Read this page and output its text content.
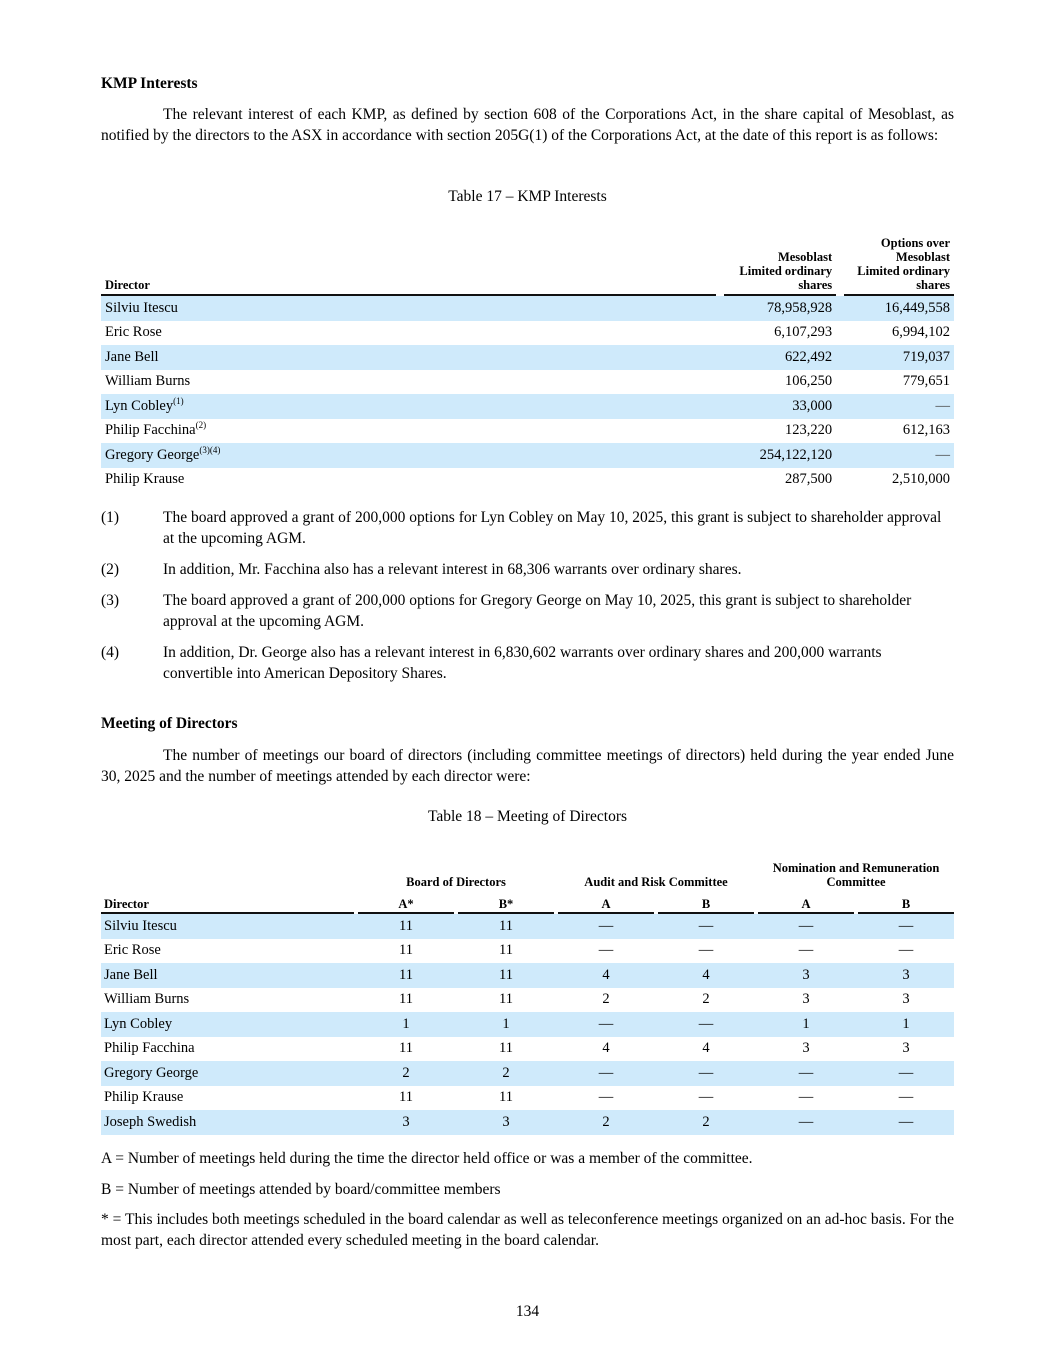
KMP Interests
The relevant interest of each KMP, as defined by section 608 of the Corporations Act, in the share capital of Mesoblast, as notified by the directors to the ASX in accordance with section 205G(1) of the Corporations Act, at the date of this report is as follows:
Table 17 – KMP Interests
Director		
Mesoblast
Limited ordinary
shares

Options over
Mesoblast
Limited ordinary
shares

Silviu Itescu		78,958,928		16,449,558
Eric Rose		6,107,293		6,994,102
Jane Bell		622,492		719,037
William Burns		106,250		779,651
Lyn Cobley$^{(1)}$		33,000		—
Philip Facchina$^{(2)}$		123,220		612,163
Gregory George$^{(3)(4)}$		254,122,120		—
Philip Krause		287,500		2,510,000
(1)	The board approved a grant of 200,000 options for Lyn Cobley on May 10, 2025, this grant is subject to shareholder approval at the upcoming AGM.
(2)	In addition, Mr. Facchina also has a relevant interest in 68,306 warrants over ordinary shares.
(3)	The board approved a grant of 200,000 options for Gregory George on May 10, 2025, this grant is subject to shareholder approval at the upcoming AGM.
(4)	In addition, Dr. George also has a relevant interest in 6,830,602 warrants over ordinary shares and 200,000 warrants convertible into American Depository Shares.
Meeting of Directors
The number of meetings our board of directors (including committee meetings of directors) held during the year ended June 30, 2025 and the number of meetings attended by each director were:
Table 18 – Meeting of Directors
		Board of Directors				Audit and Risk Committee				Nomination and Remuneration
Committee		

Director		A*		B*		A		B		A		B
Silviu Itescu		11		11		—		—		—		—
Eric Rose		11		11		—		—		—		—
Jane Bell		11		11		4		4		3		3
William Burns		11		11		2		2		3		3
Lyn Cobley		1		1		—		—		1		1
Philip Facchina		11		11		4		4		3		3
Gregory George		2		2		—		—		—		—
Philip Krause		11		11		—		—		—		—
Joseph Swedish		3		3		2		2		—		—
A = Number of meetings held during the time the director held office or was a member of the committee.
B = Number of meetings attended by board/committee members
* = This includes both meetings scheduled in the board calendar as well as teleconference meetings organized on an ad-hoc basis. For the most part, each director attended every scheduled meeting in the board calendar.
134
